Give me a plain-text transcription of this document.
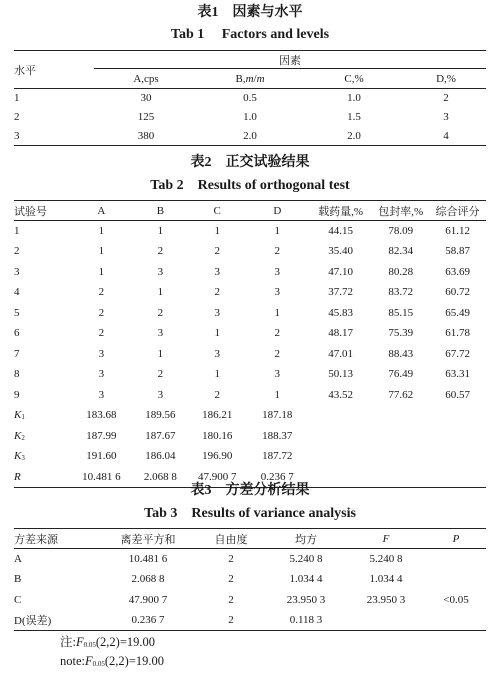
表1　因素与水平
Tab 1　 Factors and levels
水平	因素			
	A,cps	B,m/m	C,%	D,%
1	30	0.5	1.0	2
2	125	1.0	1.5	3
3	380	2.0	2.0	4
表2　正交试验结果
Tab 2　Results of orthogonal test
试验号	A	B	C	D	载药量,%	包封率,%	综合评分
1	1	1	1	1	44.15	78.09	61.12
2	1	2	2	2	35.40	82.34	58.87
3	1	3	3	3	47.10	80.28	63.69
4	2	1	2	3	37.72	83.72	60.72
5	2	2	3	1	45.83	85.15	65.49
6	2	3	1	2	48.17	75.39	61.78
7	3	1	3	2	47.01	88.43	67.72
8	3	2	1	3	50.13	76.49	63.31
9	3	3	2	1	43.52	77.62	60.57
$K_1$	183.68	189.56	186.21	187.18			
$K_2$	187.99	187.67	180.16	188.37			
$K_3$	191.60	186.04	196.90	187.72			
R	10.481 6	2.068 8	47.900 7	0.236 7			
表3　方差分析结果
Tab 3　Results of variance analysis
方差来源	离差平方和	自由度	均方	F	P
A	10.481 6	2	5.240 8	5.240 8	
B	2.068 8	2	1.034 4	1.034 4	
C	47.900 7	2	23.950 3	23.950 3	<0.05
D(误差)	0.236 7	2	0.118 3		
注$:F_{0.05}(2,2)=19.00$
$note:F_{0.05}(2,2)=19.00$
